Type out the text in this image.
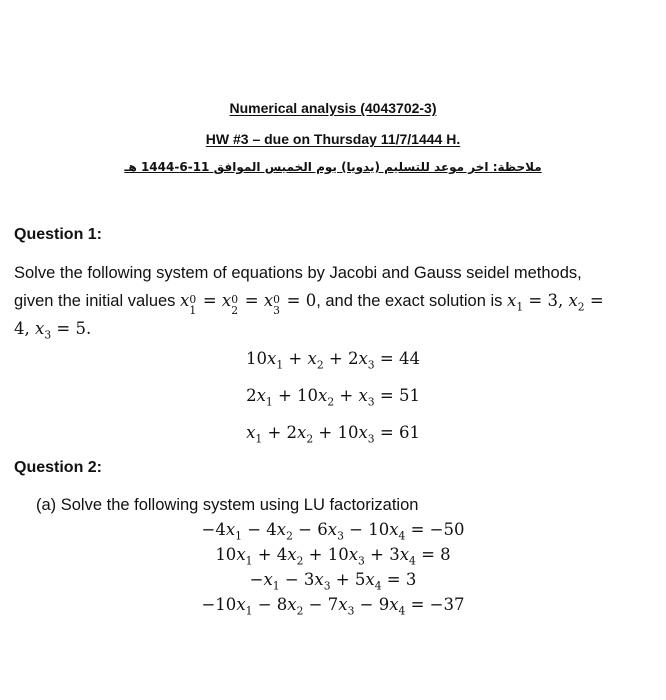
Numerical analysis (4043702-3)
HW #3 – due on Thursday 11/7/1444 H.
ملاحظة: اخر موعد للتسليم (يدويا) يوم الخميس الموافق 11-6-1444 هـ
Question 1:
Solve the following system of equations by Jacobi and Gauss seidel methods,
given the initial values x 0
1
= x 0
2
= x 0
3
= 0, and the exact solution is $x_1 = 3$, $x_2$ =
4, $x_3 = 5$.
$10x_1 + x_2 + 2x_3 = 44$
$2x_1 + 10x_2 + x_3 = 51$
$x_1 + 2x_2 + 10x_3 = 61$
Question 2:
(a) Solve the following system using LU factorization
$-4x_1 - 4x_2 - 6x_3 - 10x_4 = -50$
$10x_1 + 4x_2 + 10x_3 + 3x_4 = 8$
$-x_1 - 3x_3 + 5x_4 = 3$
$-10x_1 - 8x_2 - 7x_3 - 9x_4 = -37$
